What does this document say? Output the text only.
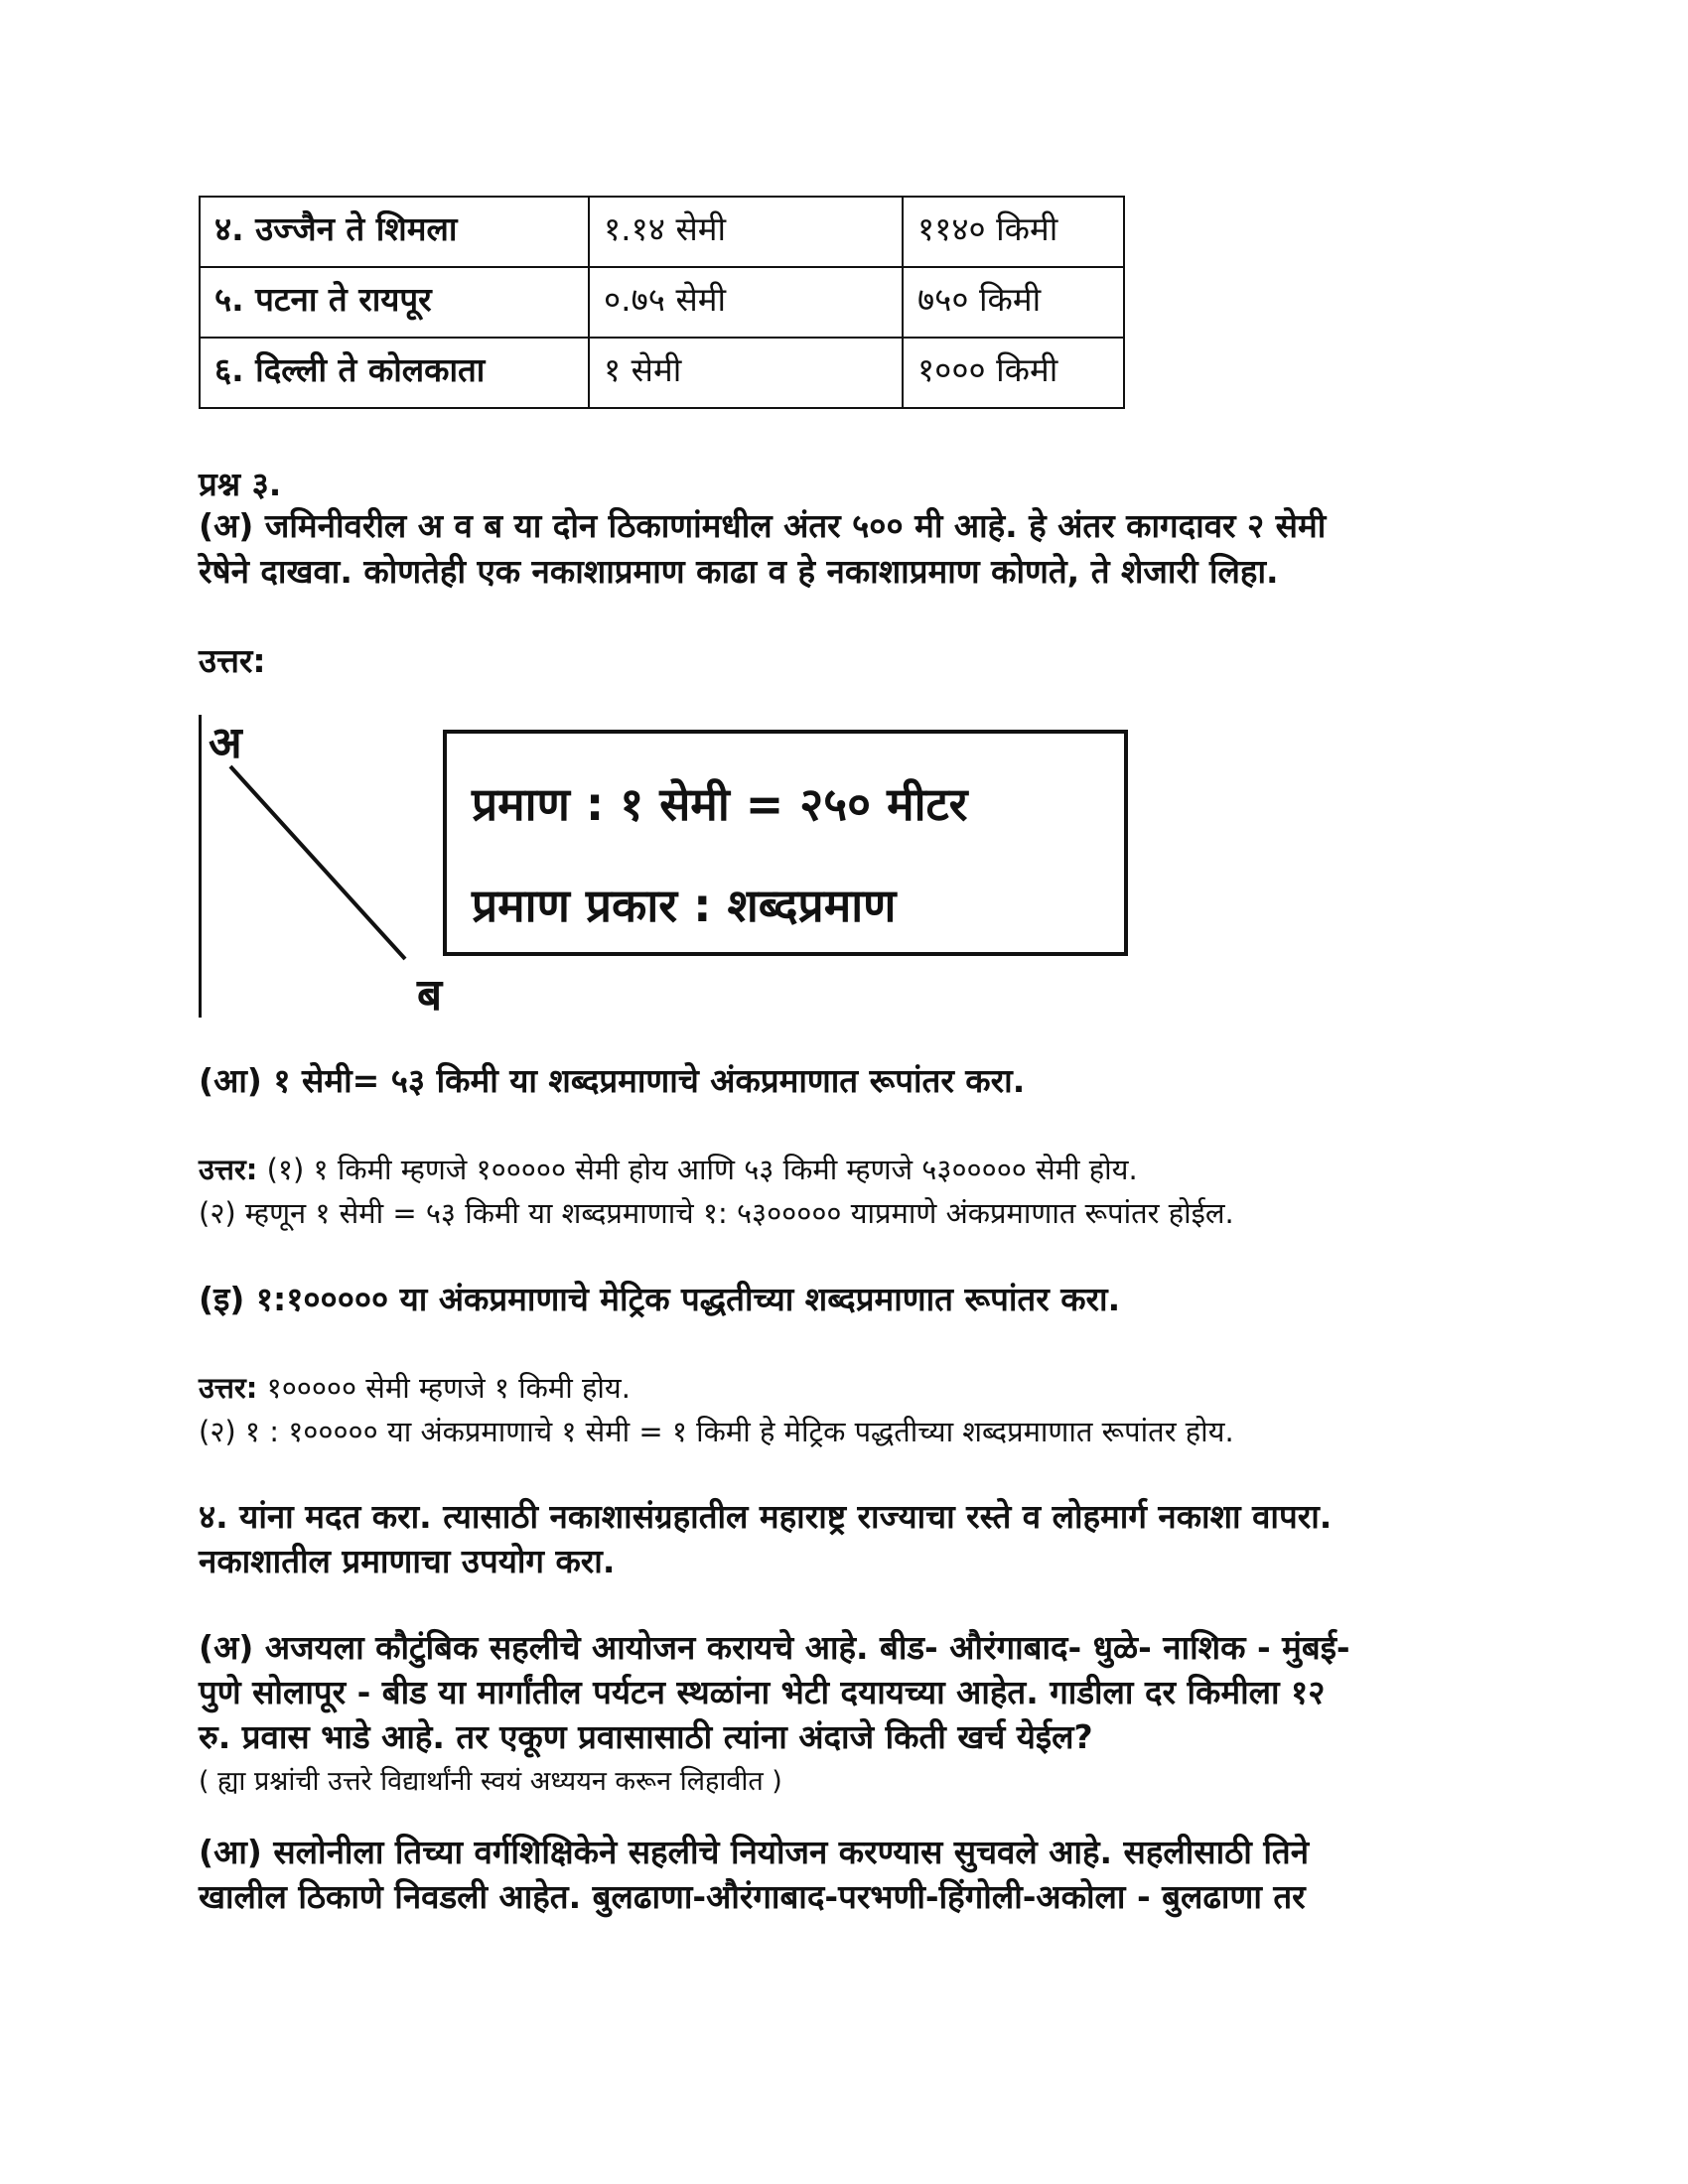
४. उज्जैन ते शिमला	१.१४ सेमी	११४० किमी
५. पटना ते रायपूर	०.७५ सेमी	७५० किमी
६. दिल्ली ते कोलकाता	१ सेमी	१००० किमी
प्रश्न ३.
(अ) जमिनीवरील अ व ब या दोन ठिकाणांमधील अंतर ५०० मी आहे. हे अंतर कागदावर २ सेमी
रेषेने दाखवा. कोणतेही एक नकाशाप्रमाण काढा व हे नकाशाप्रमाण कोणते, ते शेजारी लिहा.
उत्तर:
अ
ब
प्रमाण : १ सेमी = २५० मीटर
प्रमाण प्रकार : शब्दप्रमाण
(आ) १ सेमी= ५३ किमी या शब्दप्रमाणाचे अंकप्रमाणात रूपांतर करा.
उत्तर: (१) १ किमी म्हणजे १००००० सेमी होय आणि ५३ किमी म्हणजे ५३००००० सेमी होय.
(२) म्हणून १ सेमी = ५३ किमी या शब्दप्रमाणाचे १: ५३००००० याप्रमाणे अंकप्रमाणात रूपांतर होईल.
(इ) १:१००००० या अंकप्रमाणाचे मेट्रिक पद्धतीच्या शब्दप्रमाणात रूपांतर करा.
उत्तर: १००००० सेमी म्हणजे १ किमी होय.
(२) १ : १००००० या अंकप्रमाणाचे १ सेमी = १ किमी हे मेट्रिक पद्धतीच्या शब्दप्रमाणात रूपांतर होय.
४. यांना मदत करा. त्यासाठी नकाशासंग्रहातील महाराष्ट्र राज्याचा रस्ते व लोहमार्ग नकाशा वापरा.
नकाशातील प्रमाणाचा उपयोग करा.
(अ) अजयला कौटुंबिक सहलीचे आयोजन करायचे आहे. बीड- औरंगाबाद- धुळे- नाशिक - मुंबई-
पुणे सोलापूर - बीड या मार्गांतील पर्यटन स्थळांना भेटी दयायच्या आहेत. गाडीला दर किमीला १२
रु. प्रवास भाडे आहे. तर एकूण प्रवासासाठी त्यांना अंदाजे किती खर्च येईल?
( ह्या प्रश्नांची उत्तरे विद्यार्थांनी स्वयं अध्ययन करून लिहावीत )
(आ) सलोनीला तिच्या वर्गशिक्षिकेने सहलीचे नियोजन करण्यास सुचवले आहे. सहलीसाठी तिने
खालील ठिकाणे निवडली आहेत. बुलढाणा-औरंगाबाद-परभणी-हिंगोली-अकोला - बुलढाणा तर
